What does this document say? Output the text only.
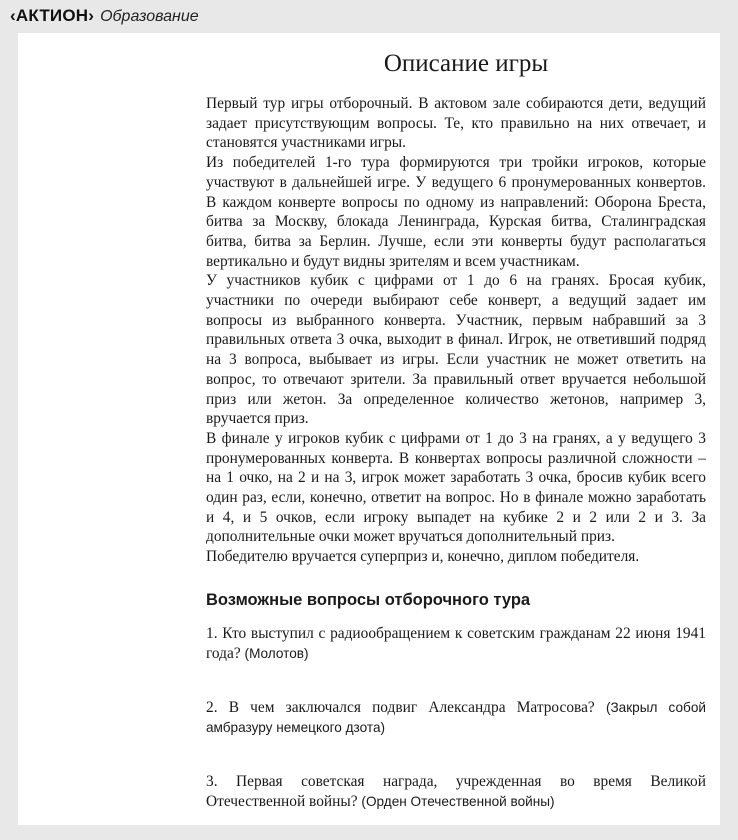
‹АКТИОН› Образование
Описание игры

Первый тур игры отборочный. В актовом зале собираются дети, ведущий задает присутствующим вопросы. Те, кто правильно на них отвечает, и становятся участниками игры.

Из победителей 1-го тура формируются три тройки игроков, которые участвуют в дальнейшей игре. У ведущего 6 пронумерованных конвертов. В каждом конверте вопросы по одному из направлений: Оборона Бреста, битва за Москву, блокада Ленинграда, Курская битва, Сталинградская битва, битва за Берлин. Лучше, если эти конверты будут располагаться вертикально и будут видны зрителям и всем участникам.

У участников кубик с цифрами от 1 до 6 на гранях. Бросая кубик, участники по очереди выбирают себе конверт, а ведущий задает им вопросы из выбранного конверта. Участник, первым набравший за 3 правильных ответа 3 очка, выходит в финал. Игрок, не ответивший подряд на 3 вопроса, выбывает из игры. Если участник не может ответить на вопрос, то отвечают зрители. За правильный ответ вручается небольшой приз или жетон. За определенное количество жетонов, например 3, вручается приз.

В финале у игроков кубик с цифрами от 1 до 3 на гранях, а у ведущего 3 пронумерованных конверта. В конвертах вопросы различной сложности – на 1 очко, на 2 и на 3, игрок может заработать 3 очка, бросив кубик всего один раз, если, конечно, ответит на вопрос. Но в финале можно заработать и 4, и 5 очков, если игроку выпадет на кубике 2 и 2 или 2 и 3. За дополнительные очки может вручаться дополнительный приз.

Победителю вручается суперприз и, конечно, диплом победителя.

Возможные вопросы отборочного тура

1. Кто выступил с радиообращением к советским гражданам 22 июня 1941 года? (Молотов)

2. В чем заключался подвиг Александра Матросова? (Закрыл собой амбразуру немецкого дзота)

3. Первая советская награда, учрежденная во время Великой Отечественной войны? (Орден Отечественной войны)
